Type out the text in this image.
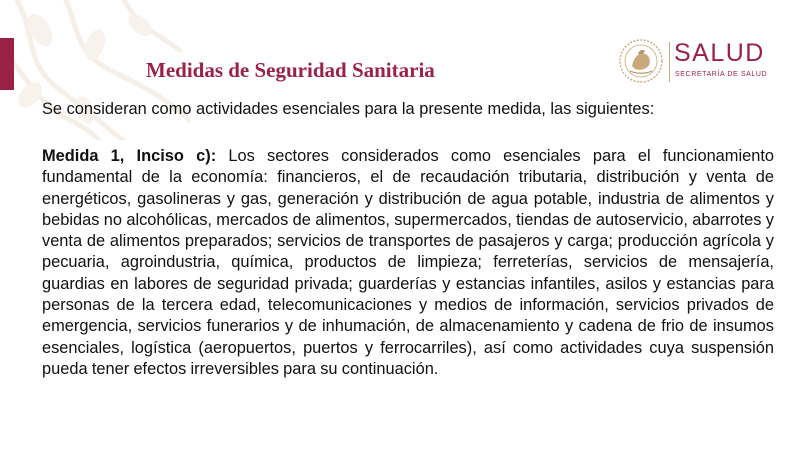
Medidas de Seguridad Sanitaria
SALUD
SECRETARÍA DE SALUD

Se consideran como actividades esenciales para la presente medida, las siguientes:

Medida 1, Inciso c): Los sectores considerados como esenciales para el funcionamiento fundamental de la economía: financieros, el de recaudación tributaria, distribución y venta de energéticos, gasolineras y gas, generación y distribución de agua potable, industria de alimentos y bebidas no alcohólicas, mercados de alimentos, supermercados, tiendas de autoservicio, abarrotes y venta de alimentos preparados; servicios de transportes de pasajeros y carga; producción agrícola y pecuaria, agroindustria, química, productos de limpieza; ferreterías, servicios de mensajería, guardias en labores de seguridad privada; guarderías y estancias infantiles, asilos y estancias para personas de la tercera edad, telecomunicaciones y medios de información, servicios privados de emergencia, servicios funerarios y de inhumación, de almacenamiento y cadena de frio de insumos esenciales, logística (aeropuertos, puertos y ferrocarriles), así como actividades cuya suspensión pueda tener efectos irreversibles para su continuación.
